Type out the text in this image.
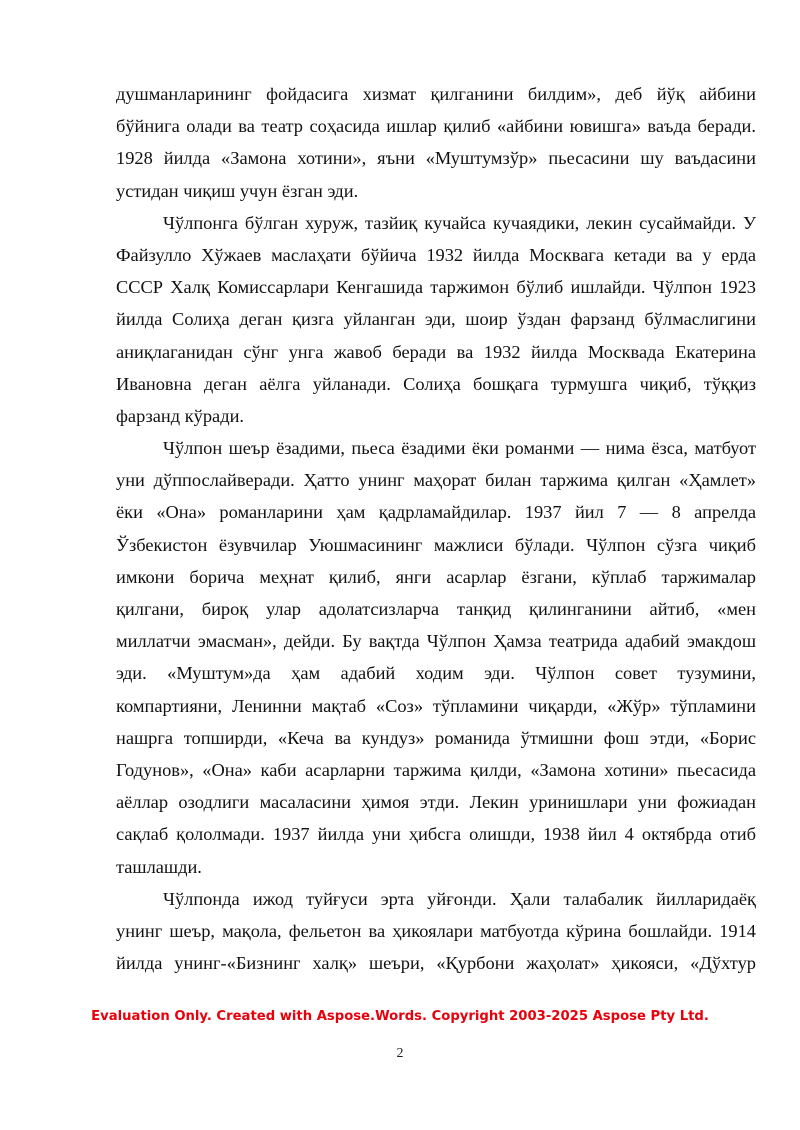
душманларининг фойдасига хизмат қилганини билдим», деб йўқ айбини
бўйнига олади ва театр соҳасида ишлар қилиб «айбини ювишга» ваъда беради.
1928 йилда «Замона хотини», яъни «Муштумзўр» пьесасини шу ваъдасини
устидан чиқиш учун ёзган эди.
Чўлпонга бўлган хуруж, тазйиқ кучайса кучаядики, лекин сусаймайди. У
Файзулло Хўжаев маслаҳати бўйича 1932 йилда Москвага кетади ва у ерда
СССР Халқ Комиссарлари Кенгашида таржимон бўлиб ишлайди. Чўлпон 1923
йилда Солиҳа деган қизга уйланган эди, шоир ўздан фарзанд бўлмаслигини
аниқлаганидан сўнг унга жавоб беради ва 1932 йилда Москвада Екатерина
Ивановна деган аёлга уйланади. Солиҳа бошқага турмушга чиқиб, тўққиз
фарзанд кўради.
Чўлпон шеър ёзадими, пьеса ёзадими ёки романми — нима ёзса, матбуот
уни дўппослайверади. Ҳатто унинг маҳорат билан таржима қилган «Ҳамлет»
ёки «Она» романларини ҳам қадрламайдилар. 1937 йил 7 — 8 апрелда
Ўзбекистон ёзувчилар Уюшмасининг мажлиси бўлади. Чўлпон сўзга чиқиб
имкони борича меҳнат қилиб, янги асарлар ёзгани, кўплаб таржималар
қилгани, бироқ улар адолатсизларча танқид қилинганини айтиб, «мен
миллатчи эмасман», дейди. Бу вақтда Чўлпон Ҳамза театрида адабий эмакдош
эди. «Муштум»да ҳам адабий ходим эди. Чўлпон совет тузумини,
компартияни, Ленинни мақтаб «Соз» тўпламини чиқарди, «Жўр» тўпламини
нашрга топширди, «Кеча ва кундуз» романида ўтмишни фош этди, «Борис
Годунов», «Она» каби асарларни таржима қилди, «Замона хотини» пьесасида
аёллар озодлиги масаласини ҳимоя этди. Лекин уринишлари уни фожиадан
сақлаб қололмади. 1937 йилда уни ҳибсга олишди, 1938 йил 4 октябрда отиб
ташлашди.
Чўлпонда ижод туйғуси эрта уйғонди. Ҳали талабалик йилларидаёқ
унинг шеър, мақола, фельетон ва ҳикоялари матбуотда кўрина бошлайди. 1914
йилда унинг-«Бизнинг халқ» шеъри, «Қурбони жаҳолат» ҳикояси, «Дўхтур
Evaluation Only. Created with Aspose.Words. Copyright 2003-2025 Aspose Pty Ltd.
2
